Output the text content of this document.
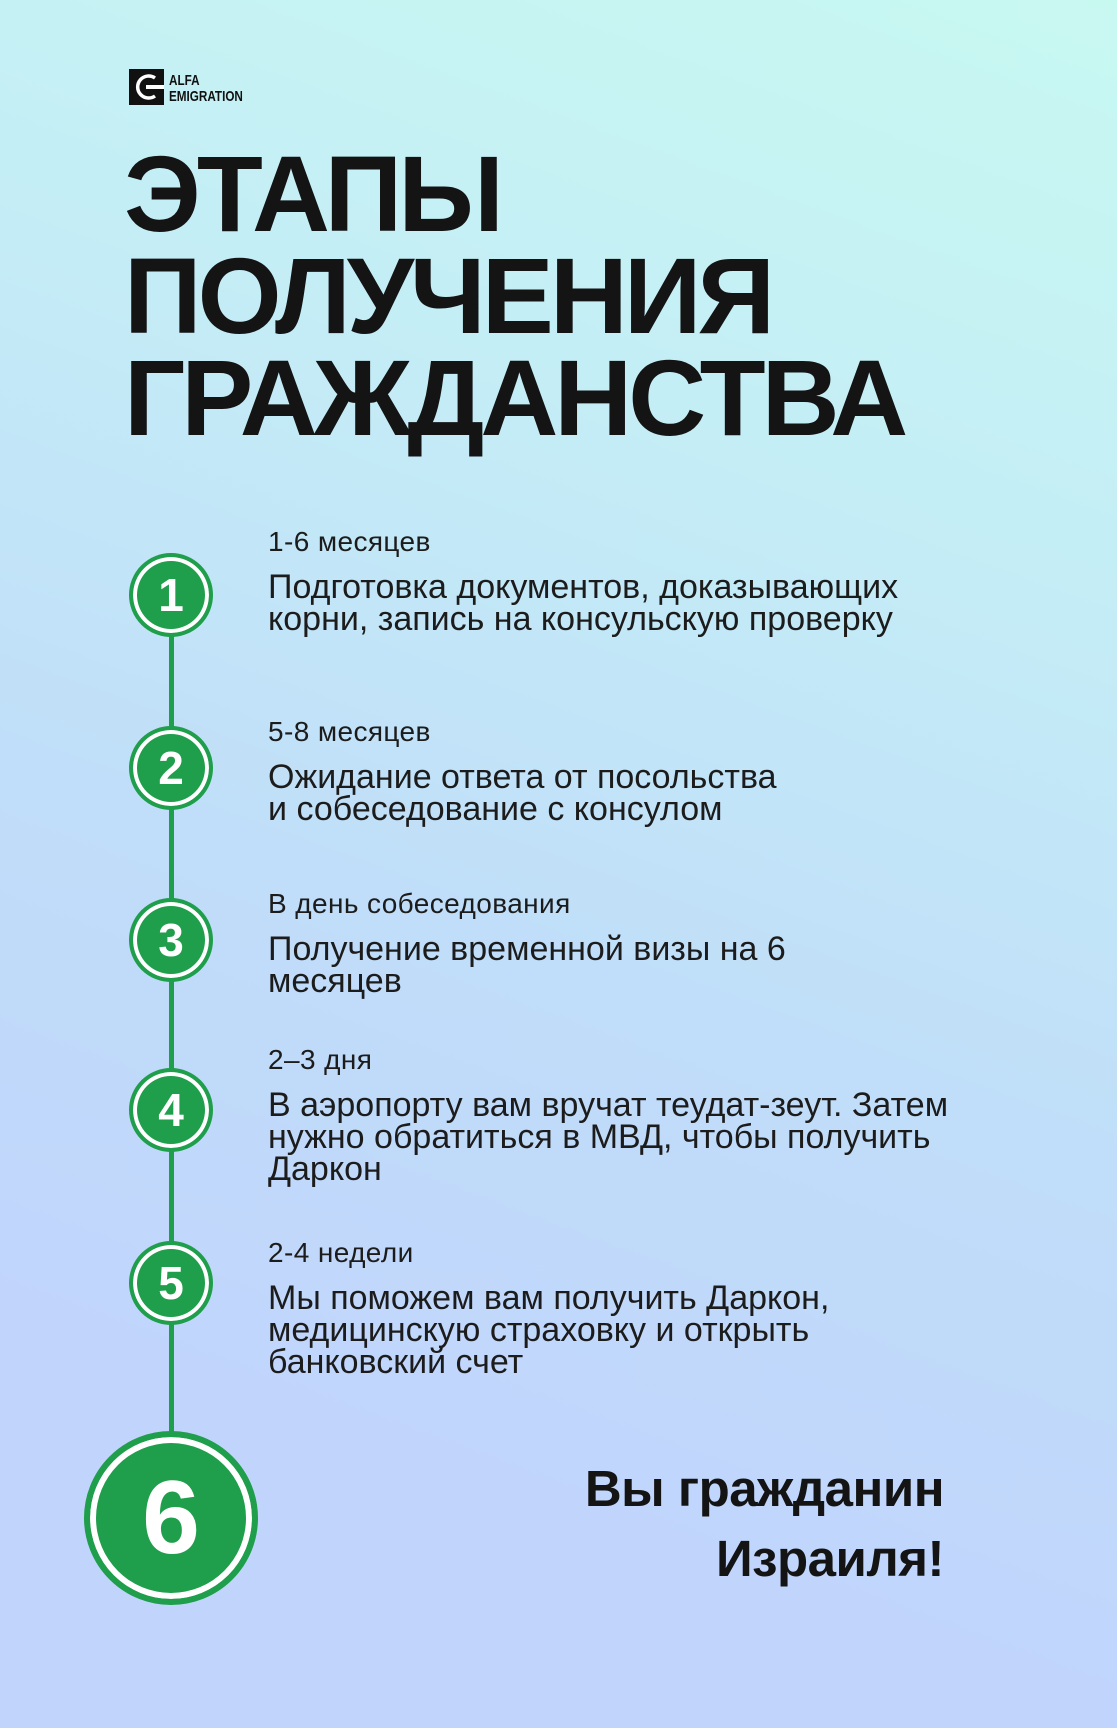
ALFA
EMIGRATION
ЭТАПЫ
ПОЛУЧЕНИЯ
ГРАЖДАНСТВА
1
2
3
4
5
6
1-6 месяцев
Подготовка документов, доказывающих
корни, запись на консульскую проверку
5-8 месяцев
Ожидание ответа от посольства
и собеседование с консулом
В день собеседования
Получение временной визы на 6
месяцев
2–3 дня
В аэропорту вам вручат теудат-зеут. Затем
нужно обратиться в МВД, чтобы получить
Даркон
2-4 недели
Мы поможем вам получить Даркон,
медицинскую страховку и открыть
банковский счет
Вы гражданин
Израиля!
